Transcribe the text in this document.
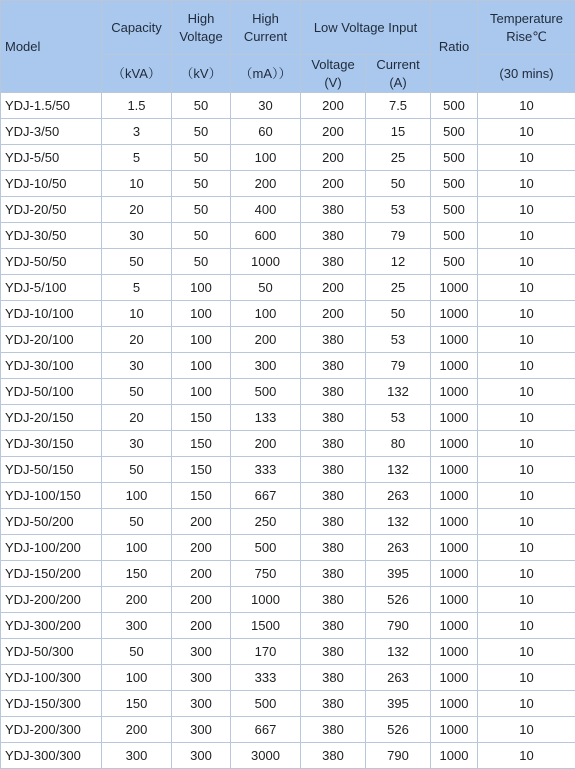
Model	Capacity	High Voltage	High Current	Low Voltage Input		Ratio	Temperature Rise℃
	（kVA）	（kV）	（mA））	Voltage (V)	Current (A)		(30 mins)
YDJ-1.5/50	1.5	50	30	200	7.5	500	10
YDJ-3/50	3	50	60	200	15	500	10
YDJ-5/50	5	50	100	200	25	500	10
YDJ-10/50	10	50	200	200	50	500	10
YDJ-20/50	20	50	400	380	53	500	10
YDJ-30/50	30	50	600	380	79	500	10
YDJ-50/50	50	50	1000	380	12	500	10
YDJ-5/100	5	100	50	200	25	1000	10
YDJ-10/100	10	100	100	200	50	1000	10
YDJ-20/100	20	100	200	380	53	1000	10
YDJ-30/100	30	100	300	380	79	1000	10
YDJ-50/100	50	100	500	380	132	1000	10
YDJ-20/150	20	150	133	380	53	1000	10
YDJ-30/150	30	150	200	380	80	1000	10
YDJ-50/150	50	150	333	380	132	1000	10
YDJ-100/150	100	150	667	380	263	1000	10
YDJ-50/200	50	200	250	380	132	1000	10
YDJ-100/200	100	200	500	380	263	1000	10
YDJ-150/200	150	200	750	380	395	1000	10
YDJ-200/200	200	200	1000	380	526	1000	10
YDJ-300/200	300	200	1500	380	790	1000	10
YDJ-50/300	50	300	170	380	132	1000	10
YDJ-100/300	100	300	333	380	263	1000	10
YDJ-150/300	150	300	500	380	395	1000	10
YDJ-200/300	200	300	667	380	526	1000	10
YDJ-300/300	300	300	3000	380	790	1000	10
